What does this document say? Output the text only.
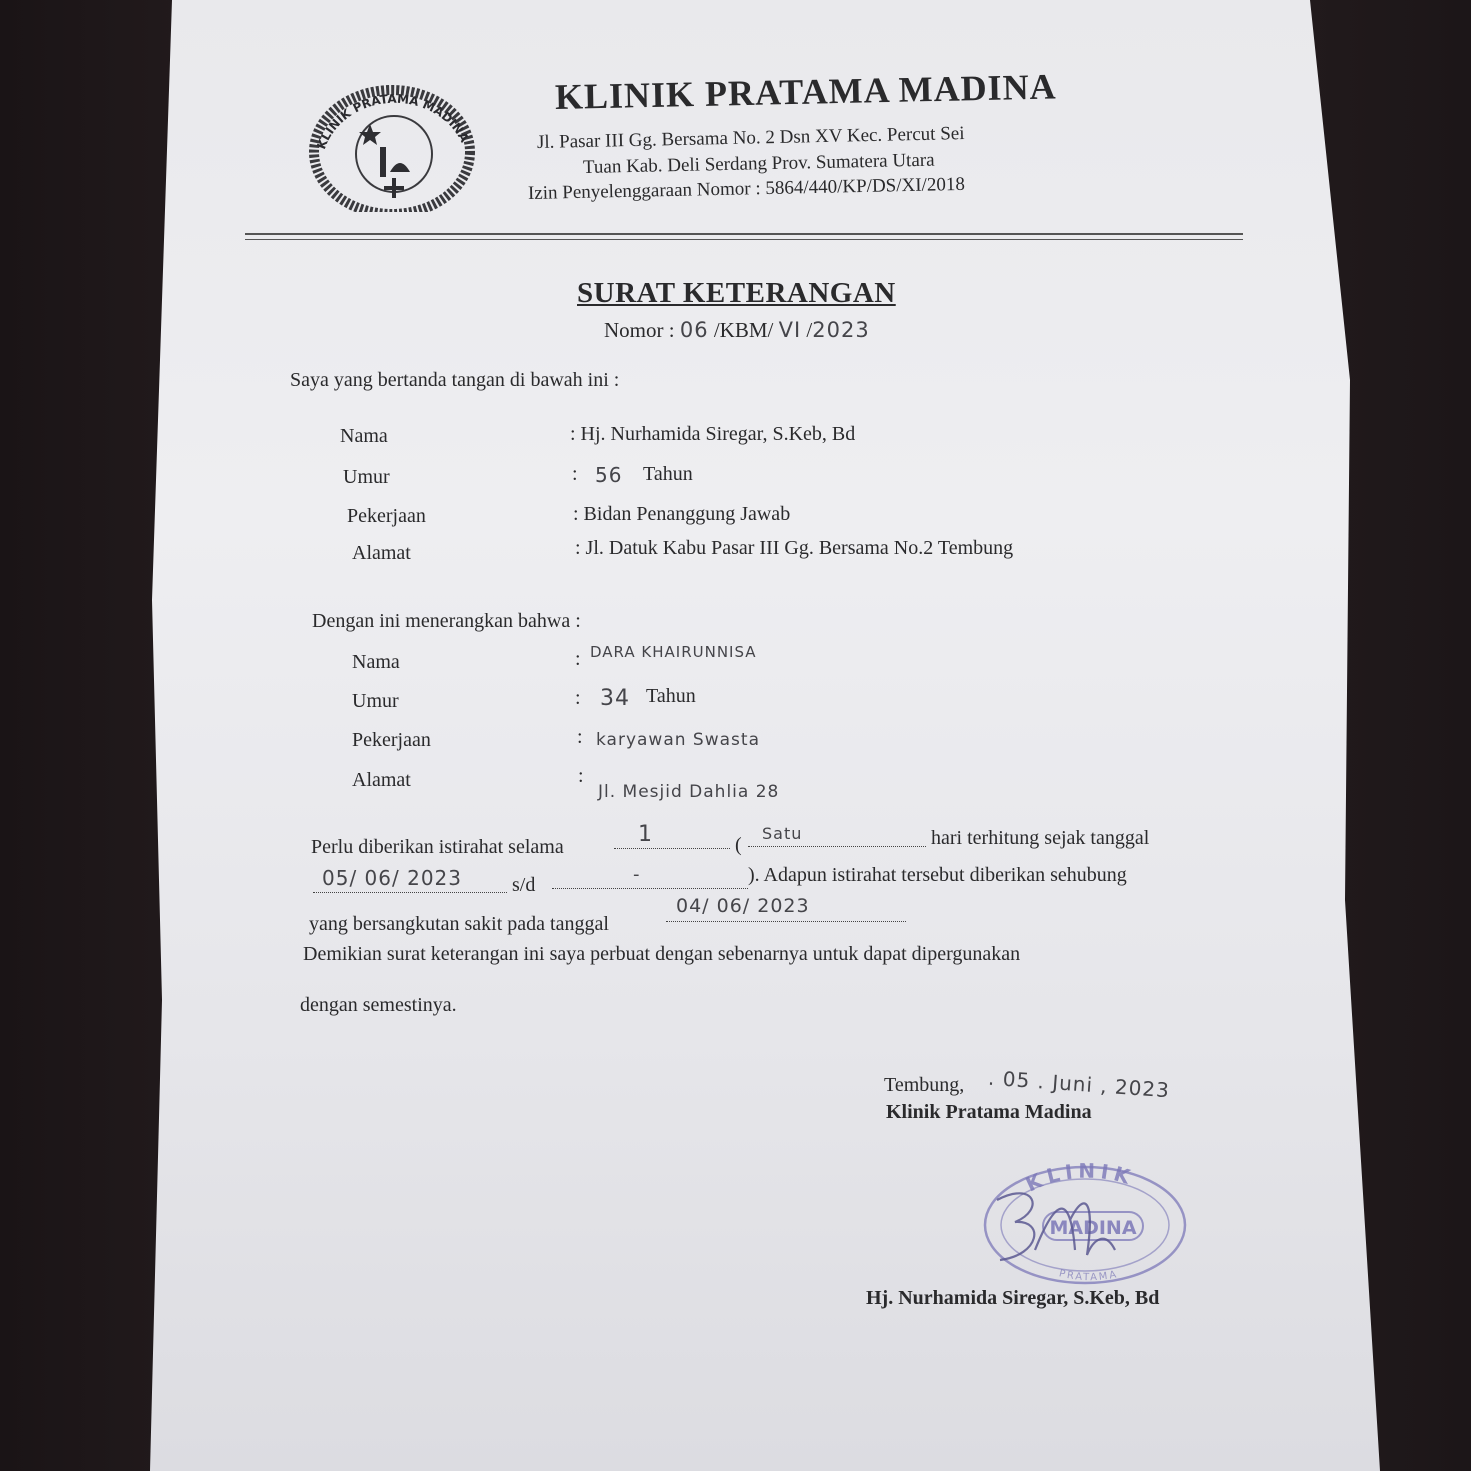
KLINIK PRATAMA MADINA
KLINIK PRATAMA MADINA
Jl. Pasar III Gg. Bersama No. 2 Dsn XV Kec. Percut Sei
Tuan Kab. Deli Serdang Prov. Sumatera Utara
Izin Penyelenggaraan Nomor : 5864/440/KP/DS/XI/2018
SURAT KETERANGAN
Nomor : 06 /KBM/ VI /2023
Saya yang bertanda tangan di bawah ini :
Nama	: Hj. Nurhamida Siregar, S.Keb, Bd
Umur	: 56 Tahun
Pekerjaan	: Bidan Penanggung Jawab
Alamat	: Jl. Datuk Kabu Pasar III Gg. Bersama No.2 Tembung
Dengan ini menerangkan bahwa :
Nama	: DARA KHAIRUNNISA
Umur	: 34 Tahun
Pekerjaan	: karyawan Swasta
Alamat	:
Jl. Mesjid Dahlia 28
Perlu diberikan istirahat selama	1	(
Satu	hari terhitung sejak tanggal
05/ 06/ 2023	s/d	-	). Adapun istirahat tersebut diberikan sehubung
yang bersangkutan sakit pada tanggal
04/ 06/ 2023
Demikian surat keterangan ini saya perbuat dengan sebenarnya untuk dapat dipergunakan
dengan semestinya.
Tembung, . 05 . Juni , 2023
Klinik Pratama Madina
KLINIK
MADINA
PRATAMA
Hj. Nurhamida Siregar, S.Keb, Bd
